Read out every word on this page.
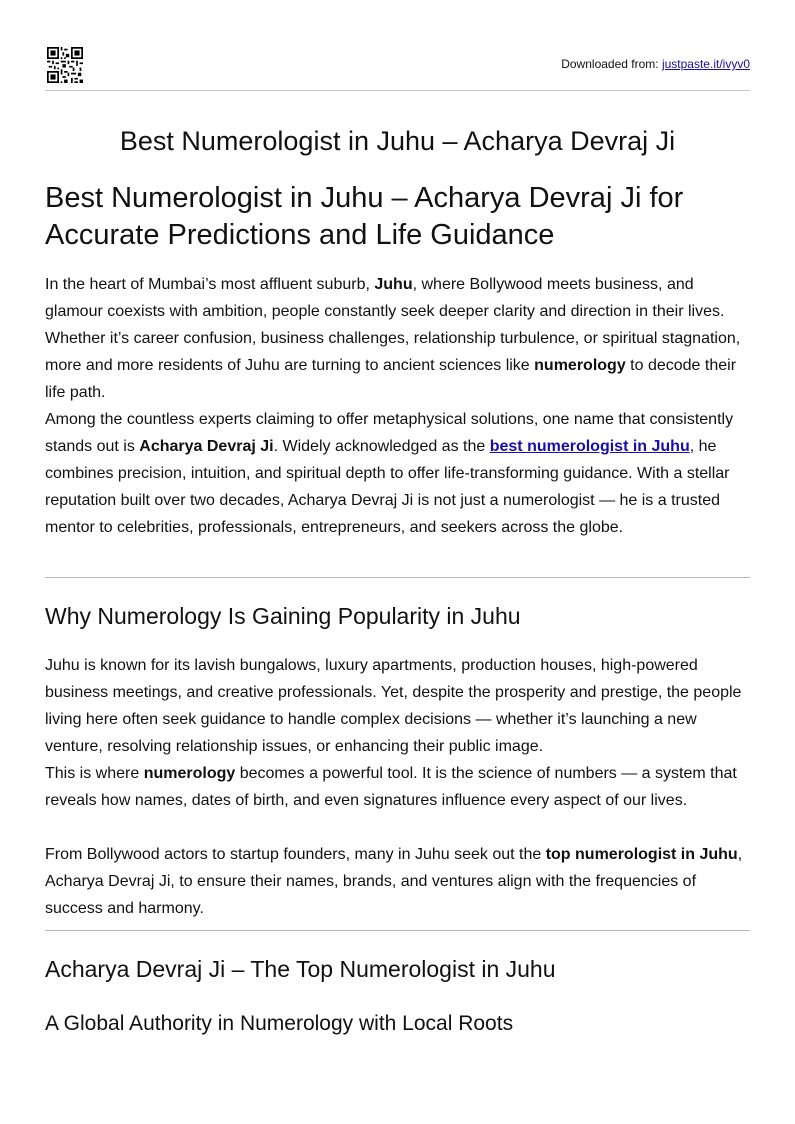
Downloaded from: justpaste.it/ivyv0
Best Numerologist in Juhu – Acharya Devraj Ji
Best Numerologist in Juhu – Acharya Devraj Ji for Accurate Predictions and Life Guidance

In the heart of Mumbai’s most affluent suburb, Juhu, where Bollywood meets business, and glamour coexists with ambition, people constantly seek deeper clarity and direction in their lives. Whether it’s career confusion, business challenges, relationship turbulence, or spiritual stagnation, more and more residents of Juhu are turning to ancient sciences like numerology to decode their life path.

Among the countless experts claiming to offer metaphysical solutions, one name that consistently stands out is Acharya Devraj Ji. Widely acknowledged as the best numerologist in Juhu, he combines precision, intuition, and spiritual depth to offer life-transforming guidance. With a stellar reputation built over two decades, Acharya Devraj Ji is not just a numerologist — he is a trusted mentor to celebrities, professionals, entrepreneurs, and seekers across the globe.

Why Numerology Is Gaining Popularity in Juhu

Juhu is known for its lavish bungalows, luxury apartments, production houses, high-powered business meetings, and creative professionals. Yet, despite the prosperity and prestige, the people living here often seek guidance to handle complex decisions — whether it’s launching a new venture, resolving relationship issues, or enhancing their public image.

This is where numerology becomes a powerful tool. It is the science of numbers — a system that reveals how names, dates of birth, and even signatures influence every aspect of our lives.

From Bollywood actors to startup founders, many in Juhu seek out the top numerologist in Juhu, Acharya Devraj Ji, to ensure their names, brands, and ventures align with the frequencies of success and harmony.

Acharya Devraj Ji – The Top Numerologist in Juhu
A Global Authority in Numerology with Local Roots
